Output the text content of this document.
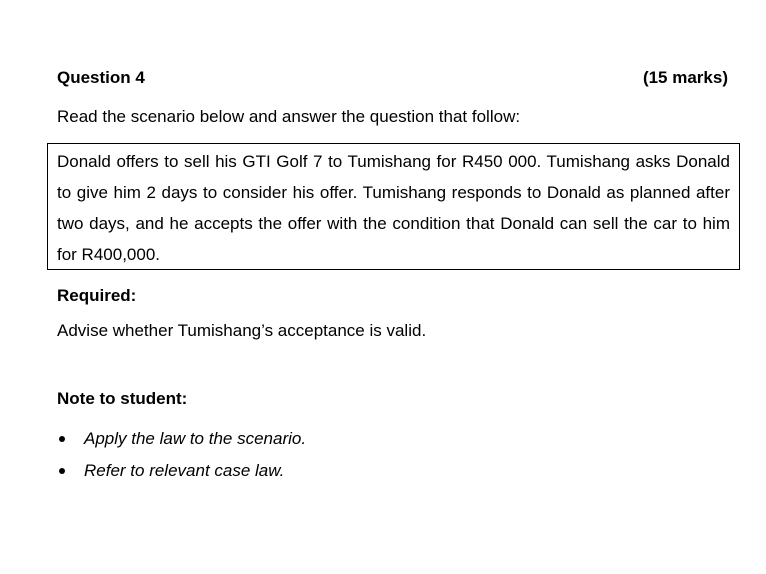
Question 4	(15 marks)
Read the scenario below and answer the question that follow:
Donald offers to sell his GTI Golf 7 to Tumishang for R450 000. Tumishang asks Donald to give him 2 days to consider his offer. Tumishang responds to Donald as planned after two days, and he accepts the offer with the condition that Donald can sell the car to him for R400,000.
Required:
Advise whether Tumishang’s acceptance is valid.
Note to student:
Apply the law to the scenario.
Refer to relevant case law.
